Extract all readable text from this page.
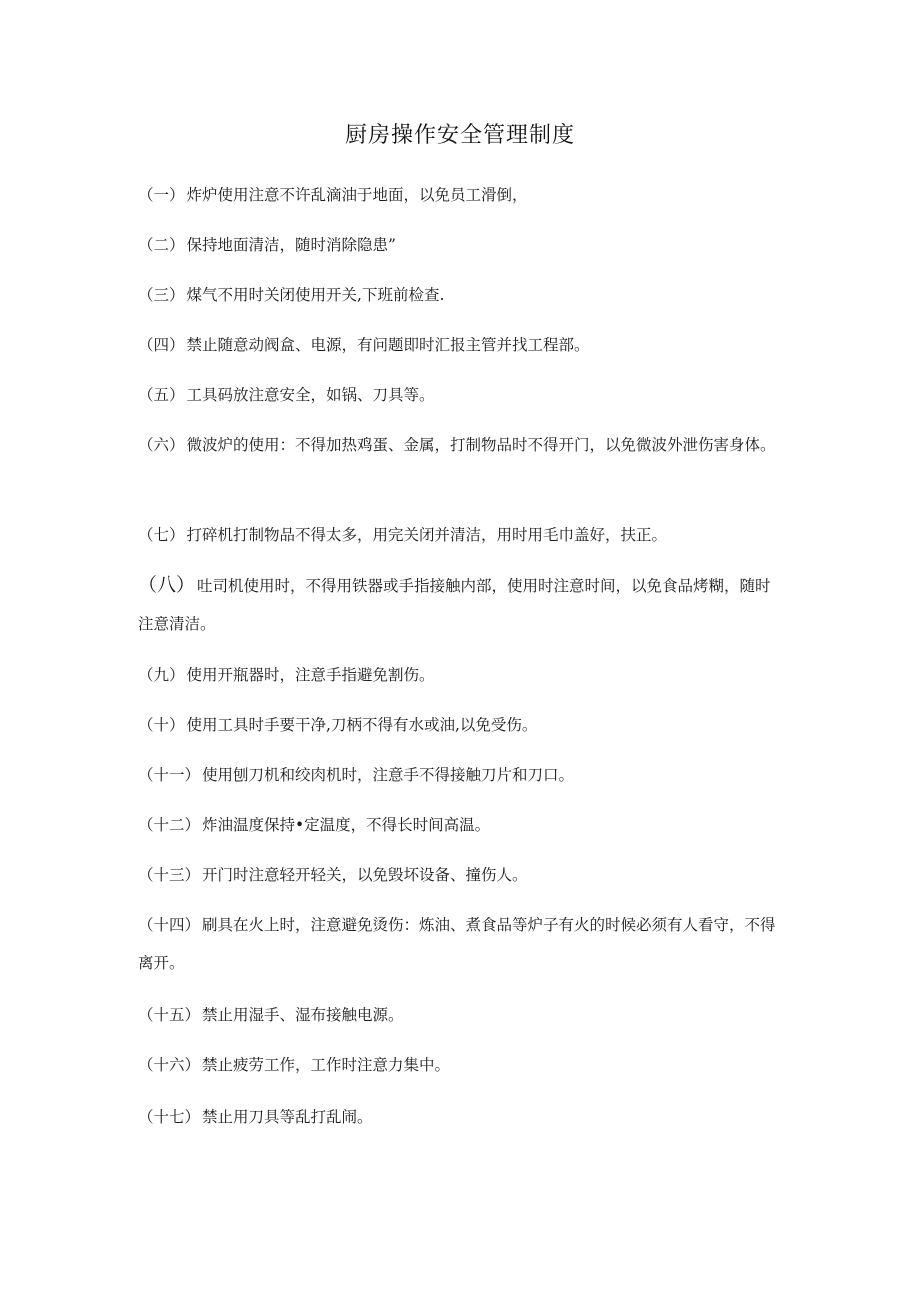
厨房操作安全管理制度

（一） 炸炉使用注意不许乱滴油于地面，以免员工滑倒，

（二） 保持地面清洁，随时消除隐患”

（三） 煤气不用时关闭使用开关,下班前检查.

（四） 禁止随意动阀盒、电源，有问题即时汇报主管并找工程部。

（五） 工具码放注意安全，如锅、刀具等。

（六） 微波炉的使用：不得加热鸡蛋、金属，打制物品时不得开门，以免微波外泄伤害身体。

（七） 打碎机打制物品不得太多，用完关闭并清洁，用时用毛巾盖好，扶正。

（八） 吐司机使用时，不得用铁器或手指接触内部，使用时注意时间，以免食品烤糊，随时注意清洁。

（九） 使用开瓶器时，注意手指避免割伤。

（十） 使用工具时手要干净,刀柄不得有水或油,以免受伤。

（十一） 使用刨刀机和绞肉机时，注意手不得接触刀片和刀口。

（十二） 炸油温度保持•定温度，不得长时间高温。

（十三） 开门时注意轻开轻关，以免毁坏设备、撞伤人。

（十四） 刷具在火上时，注意避免烫伤：炼油、煮食品等炉子有火的时候必须有人看守，不得离开。

（十五） 禁止用湿手、湿布接触电源。

（十六） 禁止疲劳工作，工作时注意力集中。

（十七） 禁止用刀具等乱打乱闹。
